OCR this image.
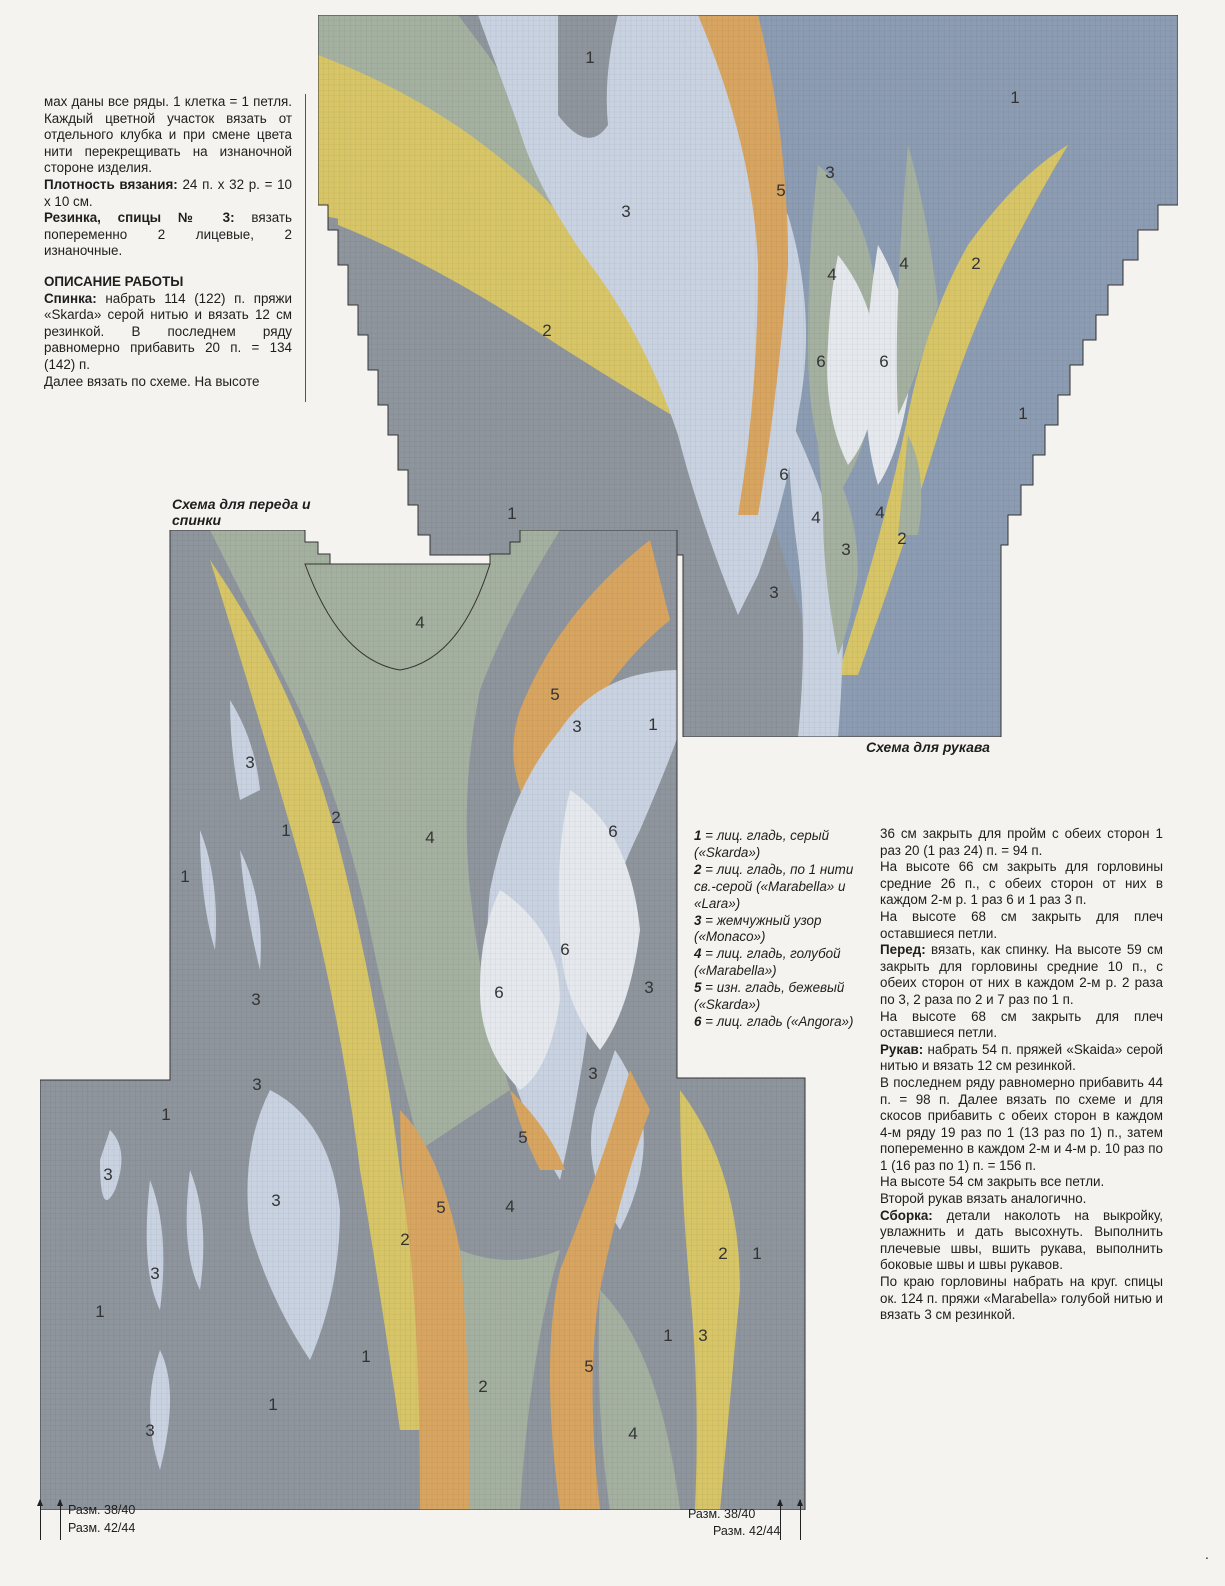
мах даны все ряды. 1 клетка = 1 петля. Каждый цветной участок вязать от отдельного клубка и при смене цвета нити перекрещивать на изнаночной стороне изделия.

Плотность вязания: 24 п. х 32 р. = 10 х 10 см.

Резинка, спицы № 3: вязать попеременно 2 лицевые, 2 изнаночные.

ОПИСАНИЕ РАБОТЫ

Спинка: набрать 114 (122) п. пряжи «Skarda» серой нитью и вязать 12 см резинкой. В последнем ряду равномерно прибавить 20 п. = 134 (142) п.

Далее вязать по схеме. На высоте

1
1
1
1
2
2
2
3
3
3
4
4
4	4
5
6	6
6
3
Схема для переда и спинки
Схема для рукава
4
5
3	1
3
1
1
2
4	6
6
6	3
3
3
3
1
3
3
1
3
1
2
5	4
5
2
2 1
1 3
5
4
3
1
1 = лиц. гладь, серый («Skarda»)
2 = лиц. гладь, по 1 нити св.-серой («Marabella» и «Lara»)
3 = жемчужный узор («Monaco»)
4 = лиц. гладь, голубой («Marabella»)
5 = изн. гладь, бежевый («Skarda»)
6 = лиц. гладь («Angora»)

36 см закрыть для пройм с обеих сторон 1 раз 20 (1 раз 24) п. = 94 п.

На высоте 66 см закрыть для горловины средние 26 п., с обеих сторон от них в каждом 2-м р. 1 раз 6 и 1 раз 3 п.

На высоте 68 см закрыть для плеч оставшиеся петли.

Перед: вязать, как спинку. На высоте 59 см закрыть для горловины средние 10 п., с обеих сторон от них в каждом 2-м р. 2 раза по 3, 2 раза по 2 и 7 раз по 1 п.

На высоте 68 см закрыть для плеч оставшиеся петли.

Рукав: набрать 54 п. пряжей «Skaida» серой нитью и вязать 12 см резинкой.

В последнем ряду равномерно прибавить 44 п. = 98 п. Далее вязать по схеме и для скосов прибавить с обеих сторон в каждом 4-м ряду 19 раз по 1 (13 раз по 1) п., затем попеременно в каждом 2-м и 4-м р. 10 раз по 1 (16 раз по 1) п. = 156 п.

На высоте 54 см закрыть все петли.

Второй рукав вязать аналогично.

Сборка: детали наколоть на выкройку, увлажнить и дать высохнуть. Выполнить плечевые швы, вшить рукава, выполнить боковые швы и швы рукавов.

По краю горловины набрать на круг. спицы ок. 124 п. пряжи «Marabella» голубой нитью и вязать 3 см резинкой.

Разм. 38/40
Разм. 42/44
Разм. 38/40
Разм. 42/44
.
